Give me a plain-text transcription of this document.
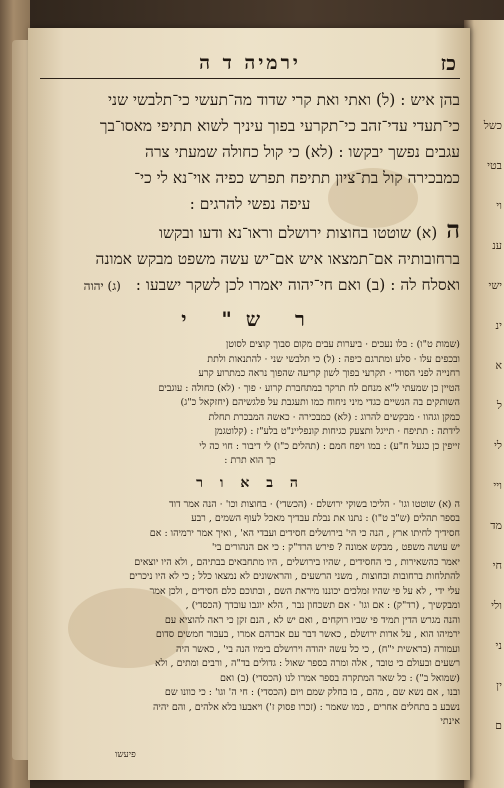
כשל
בטי
וי
ענ
ישי
ינ
א
ל
לי
ויי
מד
חי
ולי
ני
ין
ם
כז
ירמיה ד ה
בהן איש : (ל) ואתי ואת קרי שדוד מה־תעשי כי־תלבשי שני
כי־תעדי עדי־זהב כי־תקרעי בפוך עיניך לשוא תתיפי מאסו־בך
עגבים נפשך יבקשו : (לא) כי קול כחולה שמעתי צרה
כמבכירה קול בת־ציון תתיפח תפרש כפיה אוי־נא לי כי־
עיפה נפשי להרגים :
ה (א) שוטטו בחוצות ירושלם וראו־נא ודעו ובקשו
ברחובותיה אם־תמצאו איש אם־יש עשה משפט מבקש אמונה
ואסלח לה : (ב) ואם חי־יהוה יאמרו לכן לשקר ישבעו : (ג) יהוה
ר ש" י
(שמות ט"ו) : בלו נעכים · ביערות עבים מקום סבוך קוצים לסוטן
ובכפים עלו · סלע ומתרגם כיפה : (ל) כי תלבשי שני · להתנאות ולתת
רחנייה לפני הסודי · תקרעי בפוך לשון קריעה שהפוך נראה כמתרוע קרע
הטיין כן שמעתי ל"א מנחם לח תרקר במתחברת קרוע · פוך · (לא) כחולה : עוגבים
השותקים בה הנשיים כגדי מיני ניחוח כמו ותעגבת על פלגשיהם (יחזקאל כ"ג)
כמקן וגהוו · מבקשים להרוג : (לא) כמבכירה · כאשה המבכרת תחלת
לידתה : תתיפח · תייגל ותצעק כגיחות קונפליינ"ט בלע"ז : (קלוטגמן
זייפין כן כגעל ח"ע) : במו ויפח חמם : (תהלים כ"ו) לי דיבור : חוי כה לי
כך הוא תרת :
ה ב א ו ר
ה (א) שוטטו וגו' · הליכו בשוקי ירושלם · (הכשדי) · בחוצות וכו' · הנה אמר דוד
בספר תהלים (ש"ב ט"ו) : נתנו את נבלת עבדיך מאכל לעוף השמים , רבע
חסידיך לחיתו ארץ , הנה כי הי' בירושלים חסידים ועבדי הא' , ואיך אמר ירמיהו : אם
יש עושה משפט , מבקש אמונה ? פירש הרד"ק : כי אם הנהורים בי'
יאמר כהשאירות , כי החסידים , שהיו בירושלים , היו מתחבאים בבתיהם , ולא היו יוצאים
להתלחות ברחובות ובחוצות , משני הרשעים , והראשונים לא נמצאו כלל ; כי לא היו ניכרים
עלי ידי , לא על פי שהיו זמלכים יכוננו מיראת השם , ובתוכם כלם חסידים , ולכן אמר
ומבקשיך , (רד"ק) : אם וגו' · אם תשכחון נבר , הלא יוגבו עובדך (הכסדי) ,
והנה מגרש הדין תמיד פי שביו רוקחים , ואם יש לא , הנם זקן כי ראה להוציא עם
ירמיהו הוא , על אדות ירושלם , כאשר דבר עם אברהם אמרו , בעבור חמשים סדום
ועמורה (בראשית י"ח) , כי כל עשה יהודה וירושלם בימיו הנה בי' , כאשר היה
רשעים ובעולם כי טובד , אלה ומרה בספר שאול : גדולים בד"ה , ורבים ומתים , ולא
(שמואל ב") : כל שאר המתקרה בספר אמרו לנו (הכסדי) (ב) ואם
ובנו , אם נשא שם , מהם , בו בחלק שמם ויום (הכסדי) : חי ה' וגו' : כי כוונו שם
נשבע ב בתחלים אחרים , כמו שאמר : (זכרו פסוק ז') ויאבעו בלא אלהים , והם יהיה
אינתי
פיעשו
